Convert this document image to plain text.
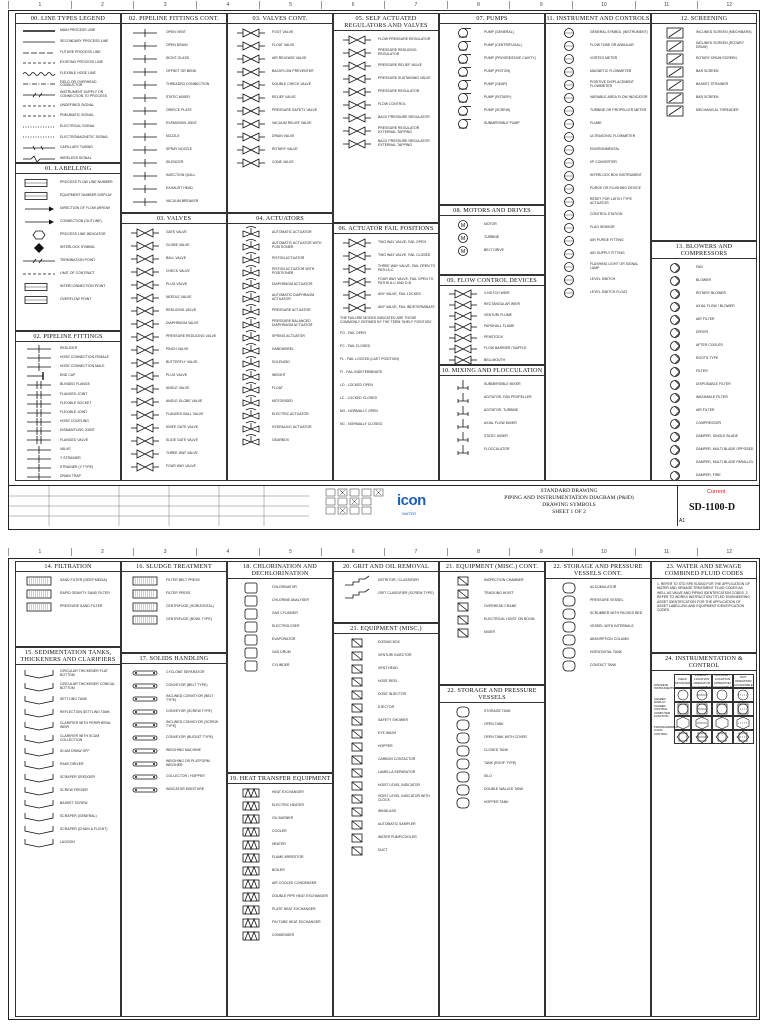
1	2	3	4	5	6	7	8	9	10	11	12
00. LINE TYPES LEGEND
MAIN PROCESS LINE
SECONDARY PROCESS LINE
FUTURE PROCESS LINE
EXISTING PROCESS LINE
FLEXIBLE HOSE LINE
FIELD OR OVERHEAD CONDUCTOR
INSTRUMENT SUPPLY OR CONNECTION TO PROCESS
UNDEFINED SIGNAL
PNEUMATIC SIGNAL
ELECTRICAL SIGNAL
ELECTROMAGNETIC SIGNAL
CAPILLARY TUBING
WIRELESS SIGNAL
01. LABELLING
PROCESS FLOW LINE NUMBER
EQUIPMENT NUMBER DISPLAY
DIRECTION OF FLOW ARROW
CONNECTION (OUTLINE)
PROCESS LINE INDICATOR
INTERLOCK SYMBOL
TERMINATION POINT
LIMIT OF CONTRACT
INTERCONNECTION POINT
OVERFLOW POINT
02. PIPELINE FITTINGS
REDUCER
HOSE CONNECTION FEMALE
HOSE CONNECTION MALE
END CAP
BLINDED FLANGE
FLANGED JOINT
FLEXIBLE SOCKET
FLEXIBLE JOINT
HOSE COUPLING
DISMANTLING JOINT
FLANGED VALVE
VALVE
Y STRAINER
STRAINER (Y TYPE)
DRAIN TRAP
02. PIPELINE FITTINGS CONT.
OPEN VENT
OPEN DRAIN
SIGHT GLASS
OFFSET OR BEND
THREADED CONNECTION
STATIC MIXER
ORIFICE PLATE
EXPANSION JOINT
NOZZLE
SPRAY NOZZLE
SILENCER
INJECTION QUILL
EXHAUST HEAD
VACUUM BREAKER
03. VALVES
GATE VALVE
GLOBE VALVE
BALL VALVE
CHECK VALVE
PLUG VALVE
NEEDLE VALVE
REDUCING VALVE
DIAPHRAGM VALVE
PRESSURE REDUCING VALVE
PINCH VALVE
BUTTERFLY VALVE
PLUG VALVE
ANGLE VALVE
ANGLE GLOBE VALVE
FLANGED BALL VALVE
KNIFE GATE VALVE
SLIDE GATE VALVE
THREE WAY VALVE
FOUR WAY VALVE
03. VALVES CONT.
FOOT VALVE
FLOAT VALVE
AIR RELEASE VALVE
BACKFLOW PREVENTER
DOUBLE CHECK VALVE
RELIEF VALVE
PRESSURE SAFETY VALVE
VACUUM RELIEF VALVE
DRAIN VALVE
ROTARY VALVE
CONE VALVE
04. ACTUATORS
AUTOMATIC ACTUATOR
AUTOMATIC ACTUATOR WITH POSITIONER
PISTON ACTUATOR
PISTON ACTUATOR WITH POSITIONER
DIAPHRAGM ACTUATOR
AUTOMATIC DIAPHRAGM ACTUATOR
PRESSURE ACTUATOR
PRESSURE BALANCED DIAPHRAGM ACTUATOR
SPRING ACTUATOR
HANDWHEEL
SOLENOID
WEIGHT
FLOAT
MOTORISED
ELECTRIC ACTUATOR
HYDRAULIC ACTUATOR
GEARBOX
05. SELF ACTUATED REGULATORS AND VALVES
FLOW PRESSURE REGULATOR
PRESSURE REDUCING REGULATOR
PRESSURE RELIEF VALVE
PRESSURE SUSTAINING VALVE
PRESSURE REGULATOR
FLOW CONTROL
BACK PRESSURE REGULATOR
PRESSURE REGULATOR EXTERNAL TAPPING
BACK PRESSURE REGULATOR EXTERNAL TAPPING
06. ACTUATOR FAIL POSITIONS
TWO WAY VALVE, FAIL OPEN
TWO WAY VALVE, FAIL CLOSED
THREE WAY VALVE, FAIL OPEN TO PATH A-C
FOUR WAY VALVE, FAIL OPEN TO PATHS A-C AND D-B
ANY VALVE, FAIL LOCKED
ANY VALVE, FAIL INDETERMINATE
THE FAILURE MODES INDICATED ARE THOSE COMMONLY DEFINED BY THE TERM 'SHELF POSITION'
FO - FAIL OPEN
FC - FAIL CLOSED
FL - FAIL LOCKED (LAST POSITION)
FI - FAIL INDETERMINATE
LO - LOCKED OPEN
LC - LOCKED CLOSED
NO - NORMALLY OPEN
NC - NORMALLY CLOSED
07. PUMPS
PUMP (GENERAL)
PUMP (CENTRIFUGAL)
PUMP (PROGRESSIVE CAVITY)
PUMP (PISTON)
PUMP (GEAR)
PUMP (ROTARY)
PUMP (SCREW)
SUBMERSIBLE PUMP
08. MOTORS AND DRIVES
M	MOTOR
M	TURBINE
M	BELT DRIVE
09. FLOW CONTROL DEVICES
V-NOTCH WEIR
RECTANGULAR WEIR
VENTURI FLUME
PARSHALL FLUME
PENSTOCK
FLOW BARRIER / BAFFLE
BELLMOUTH
10. MIXING AND FLOCCULATION
SUBMERSIBLE MIXER
AGITATOR, FAN PROPELLER
AGITATOR, TURBINE
AXIAL FLOW MIXER
STATIC MIXER
FLOCCULATOR
11. INSTRUMENT AND CONTROLS
GENERAL SYMBOL (INSTRUMENT)
FLOW TUBE OR ANNULAR
VORTEX METER
MAGNETIC FLOWMETER
POSITIVE DISPLACEMENT FLOWMETER
VARIABLE AREA FLOW INDICATOR
TURBINE OR PROPELLER METER
FLUME
ULTRASONIC FLOWMETER
ENVIRONMENTAL
I/P CONVERTER
INTERLOCK BOX INSTRUMENT
PURGE OR FLUSHING DEVICE
RESET FOR LATCH TYPE ACTUATOR
CONTROL STATION
FLAG SENSOR
AIR PURGE FITTING
AIR SUPPLY FITTING
FLASHING LIGHT OR SIGNAL LAMP
LEVEL SWITCH
LEVEL SWITCH FLOAT
12. SCREENING
INCLINED SCREEN (MECH/BARS)
INCLINED SCREEN (ROTARY DRUM)
ROTARY DRUM SCREEN
BAR SCREEN
BASKET STRAINER
BAR SCREEN
MECHANICAL THREADER
13. BLOWERS AND COMPRESSORS
FAN
BLOWER
ROTARY BLOWER
AXIAL FLOW / BLOWER
AIR FILTER
DRYER
AFTER COOLER
ROOTS TYPE
FILTER
DISPOSABLE FILTER
WASHABLE FILTER
AIR FILTER
COMPRESSOR
DAMPER, SINGLE BLADE
DAMPER, MULTI BLADE OPPOSED
DAMPER, MULTI BLADE PARALLEL
DAMPER, FIRE
icon
WATER
STANDARD DRAWING
PIPING AND INSTRUMENTATION DIAGRAM (P&ID)
DRAWING SYMBOLS
SHEET 1 OF 2
Current
SD-1100-D
A1
1	2	3	4	5	6	7	8	9	10	11	12
14. FILTRATION
SAND FILTER (DEEP MEDIA)
RAPID GRAVITY SAND FILTER
PRESSURE SAND FILTER
15. SEDIMENTATION TANKS, THICKENERS AND CLARIFIERS
CIRCULAR THICKENER FLAT BOTTOM
CIRCULAR THICKENER CONICAL BOTTOM
SETTLING TANK
REFLECTION SETTLING TANK
CLARIFIER WITH PERIPHERAL WEIR
CLARIFIER WITH SCUM COLLECTION
SCUM DRAW OFF
RAKE DRIVER
SCRAPER DREDGER
SCREW FEEDER
BASKET SCREW
SCRAPER (GENERAL)
SCRAPER (CHAIN & FLIGHT)
LAGOON
16. SLUDGE TREATMENT
FILTER BELT PRESS
FILTER PRESS
CENTRIFUGE (HORIZONTAL)
CENTRIFUGE (BOWL TYPE)
17. SOLIDS HANDLING
CYCLONE SEPARATOR
CONVEYOR (BELT TYPE)
INCLINED CONVEYOR (BELT TYPE)
CONVEYOR (SCREW TYPE)
INCLINED CONVEYOR (SCREW TYPE)
CONVEYOR (BUCKET TYPE)
WEIGHING MACHINE
WEIGHING OR PLATFORM WEIGHER
COLLECTOR / HOPPER
INDICATOR MOISTURE
18. CHLORINATION AND DECHLORINATION
CHLORINATOR
CHLORINE ANALYSER
GAS CYLINDER
ELECTROLYSER
EVAPORATOR
GAS DRUM
CYLINDER
19. HEAT TRANSFER EQUIPMENT
HEAT EXCHANGER
ELECTRIC HEATER
OIL BURNER
COOLER
HEATER
FLAME ARRESTOR
BOILER
AIR COOLED CONDENSER
DOUBLE PIPE HEAT EXCHANGER
PLATE HEAT EXCHANGER
FIN TUBE HEAT EXCHANGER
CONDENSER
20. GRIT AND OIL REMOVAL
DETRITOR / CLASSIFIER
GRIT CLASSIFIER (SCREW TYPE)
21. EQUIPMENT (MISC.)
DOSING BOX
VENTURI INJECTOR
VENT HEAD
HOSE REEL
DOSE INJECTOR
EJECTOR
SAFETY SHOWER
EYE WASH
HOPPER
CARBON CONTACTOR
LAMELLA SEPARATOR
HOIST LEVEL INDICATOR
HOIST LEVEL INDICATOR WITH CLOCK
WINDLASS
AUTOMATIC SAMPLER
WATER PUMP/COOLER
DUCT
21. EQUIPMENT (MISC.) CONT.
INSPECTION CHAMBER
TRACKING HOIST
OVERHEAD CRANE
ELECTRICAL HOIST ON BOOM
MIXER
22. STORAGE AND PRESSURE VESSELS
STORAGE TANK
OPEN TANK
OPEN TANK WITH COVER
CLOSED TANK
TANK (ROOF TYPE)
SILO
DOUBLE WALLED TANK
HOPPER TANK
22. STORAGE AND PRESSURE VESSELS CONT.
ACCUMULATOR
PRESSURE VESSEL
SCRUBBER WITH PACKED BED
VESSEL WITH INTERNALS
ABSORPTION COLUMN
HORIZONTAL TANK
CONTACT TANK
23. WATER AND SEWAGE COMBINED FLUID CODES
1. REFER TO STD SPE 9L5002 FOR THE APPLICATION OF WATER AND SEWAGE TREATMENT FLUID CODES AS WELL AS VALVE AND PIPING IDENTIFICATION CODES. 2. REFER TO WORKS INSTRUCTION TITLED 'ENGINEERING ASSET IDENTIFICATION' FOR THE APPLICATION OF ASSET LABELLING AND EQUIPMENT IDENTIFICATION CODES.
24. INSTRUMENTATION & CONTROL
FIELD MOUNTED
PRIMARY LOCATION OPERATOR ACCESSIBLE
AUXILIARY LOCATION OPERATOR ACCESSIBLE
NOT OPERATOR ACCESSIBLE
DISCRETE INSTRUMENTS
SHARED DISPLAY SHARED CONTROL
COMPUTER FUNCTION
PROGRAMMABLE LOGIC CONTROL
